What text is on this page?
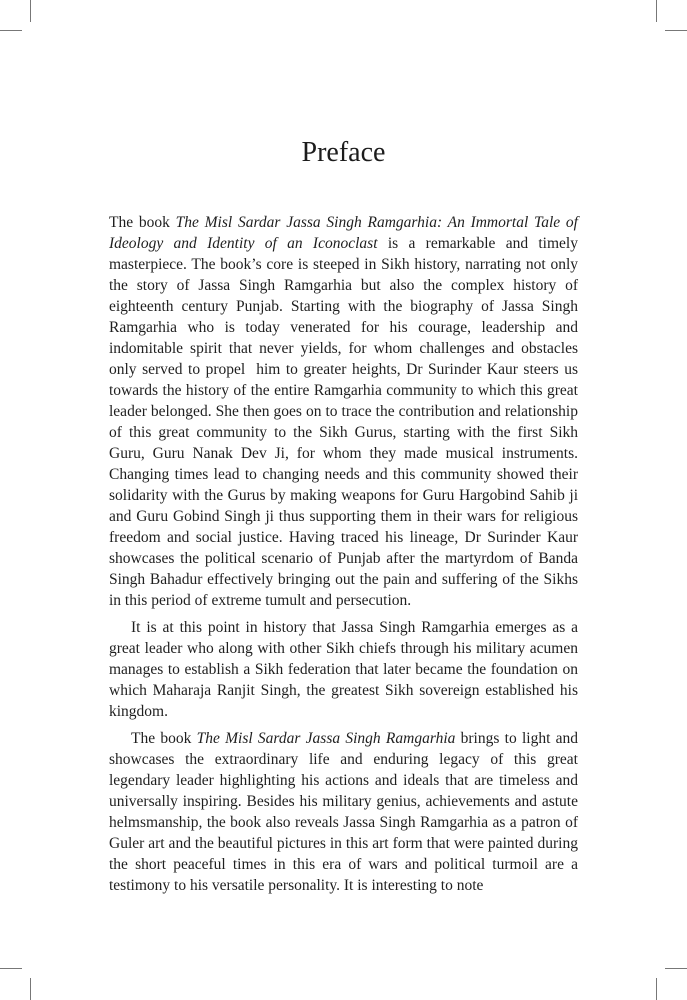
Preface

The book The Misl Sardar Jassa Singh Ramgarhia: An Immortal Tale of Ideology and Identity of an Iconoclast is a remarkable and timely masterpiece. The book’s core is steeped in Sikh history, narrating not only the story of Jassa Singh Ramgarhia but also the complex history of eighteenth century Punjab. Starting with the biography of Jassa Singh Ramgarhia who is today venerated for his courage, leadership and indomitable spirit that never yields, for whom challenges and obstacles only served to propel  him to greater heights, Dr Surinder Kaur steers us towards the history of the entire Ramgarhia community to which this great leader belonged. She then goes on to trace the contribution and relationship of this great community to the Sikh Gurus, starting with the first Sikh Guru, Guru Nanak Dev Ji, for whom they made musical instruments. Changing times lead to changing needs and this community showed their solidarity with the Gurus by making weapons for Guru Hargobind Sahib ji and Guru Gobind Singh ji thus supporting them in their wars for religious freedom and social justice. Having traced his lineage, Dr Surinder Kaur showcases the political scenario of Punjab after the martyrdom of Banda Singh Bahadur effectively bringing out the pain and suffering of the Sikhs in this period of extreme tumult and persecution.

It is at this point in history that Jassa Singh Ramgarhia emerges as a great leader who along with other Sikh chiefs through his military acumen manages to establish a Sikh federation that later became the foundation on which Maharaja Ranjit Singh, the greatest Sikh sovereign established his kingdom.

The book The Misl Sardar Jassa Singh Ramgarhia brings to light and showcases the extraordinary life and enduring legacy of this great legendary leader highlighting his actions and ideals that are timeless and universally inspiring. Besides his military genius, achievements and astute helmsmanship, the book also reveals Jassa Singh Ramgarhia as a patron of Guler art and the beautiful pictures in this art form that were painted during the short peaceful times in this era of wars and political turmoil are a testimony to his versatile personality. It is interesting to note
